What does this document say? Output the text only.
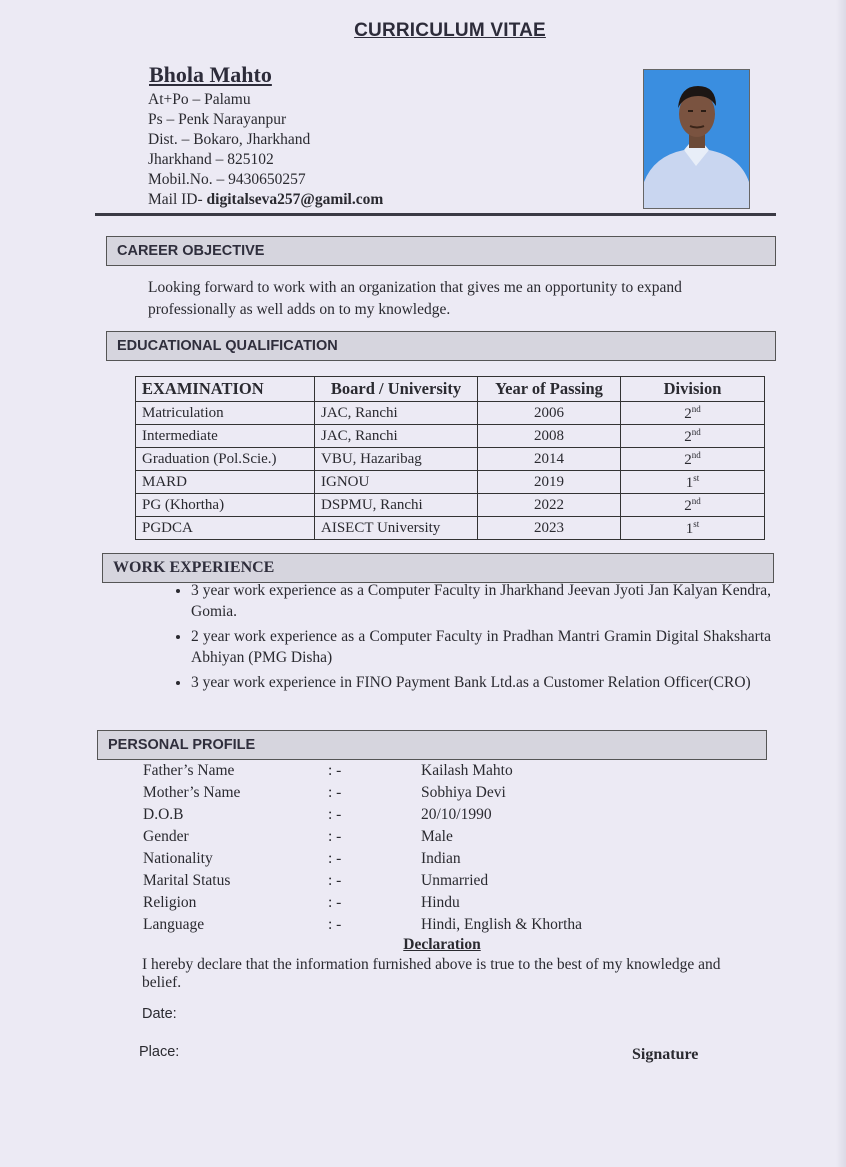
CURRICULUM VITAE
Bhola Mahto
At+Po – Palamu
Ps – Penk Narayanpur
Dist. – Bokaro, Jharkhand
Jharkhand – 825102
Mobil.No. – 9430650257
Mail ID- digitalseva257@gamil.com
CAREER OBJECTIVE
Looking forward to work with an organization that gives me an opportunity to expand professionally as well adds on to my knowledge.
EDUCATIONAL QUALIFICATION
EXAMINATION	Board / University	Year of Passing	Division
Matriculation	JAC, Ranchi	2006	2nd
Intermediate	JAC, Ranchi	2008	2nd
Graduation (Pol.Scie.)	VBU, Hazaribag	2014	2nd
MARD	IGNOU	2019	1st
PG (Khortha)	DSPMU, Ranchi	2022	2nd
PGDCA	AISECT University	2023	1st
WORK EXPERIENCE
• 3 year work experience as a Computer Faculty in Jharkhand Jeevan Jyoti Jan Kalyan Kendra, Gomia.
• 2 year work experience as a Computer Faculty in Pradhan Mantri Gramin Digital Shaksharta Abhiyan (PMG Disha)
• 3 year work experience in FINO Payment Bank Ltd.as a Customer Relation Officer(CRO)
PERSONAL PROFILE
Father’s Name	: -	Kailash Mahto
Mother’s Name	: -	Sobhiya Devi
D.O.B	: -	20/10/1990
Gender	: -	Male
Nationality	: -	Indian
Marital Status	: -	Unmarried
Religion	: -	Hindu
Language	: -	Hindi, English & Khortha
Declaration
I hereby declare that the information furnished above is true to the best of my knowledge and belief.
Date:
Place:	Signature
